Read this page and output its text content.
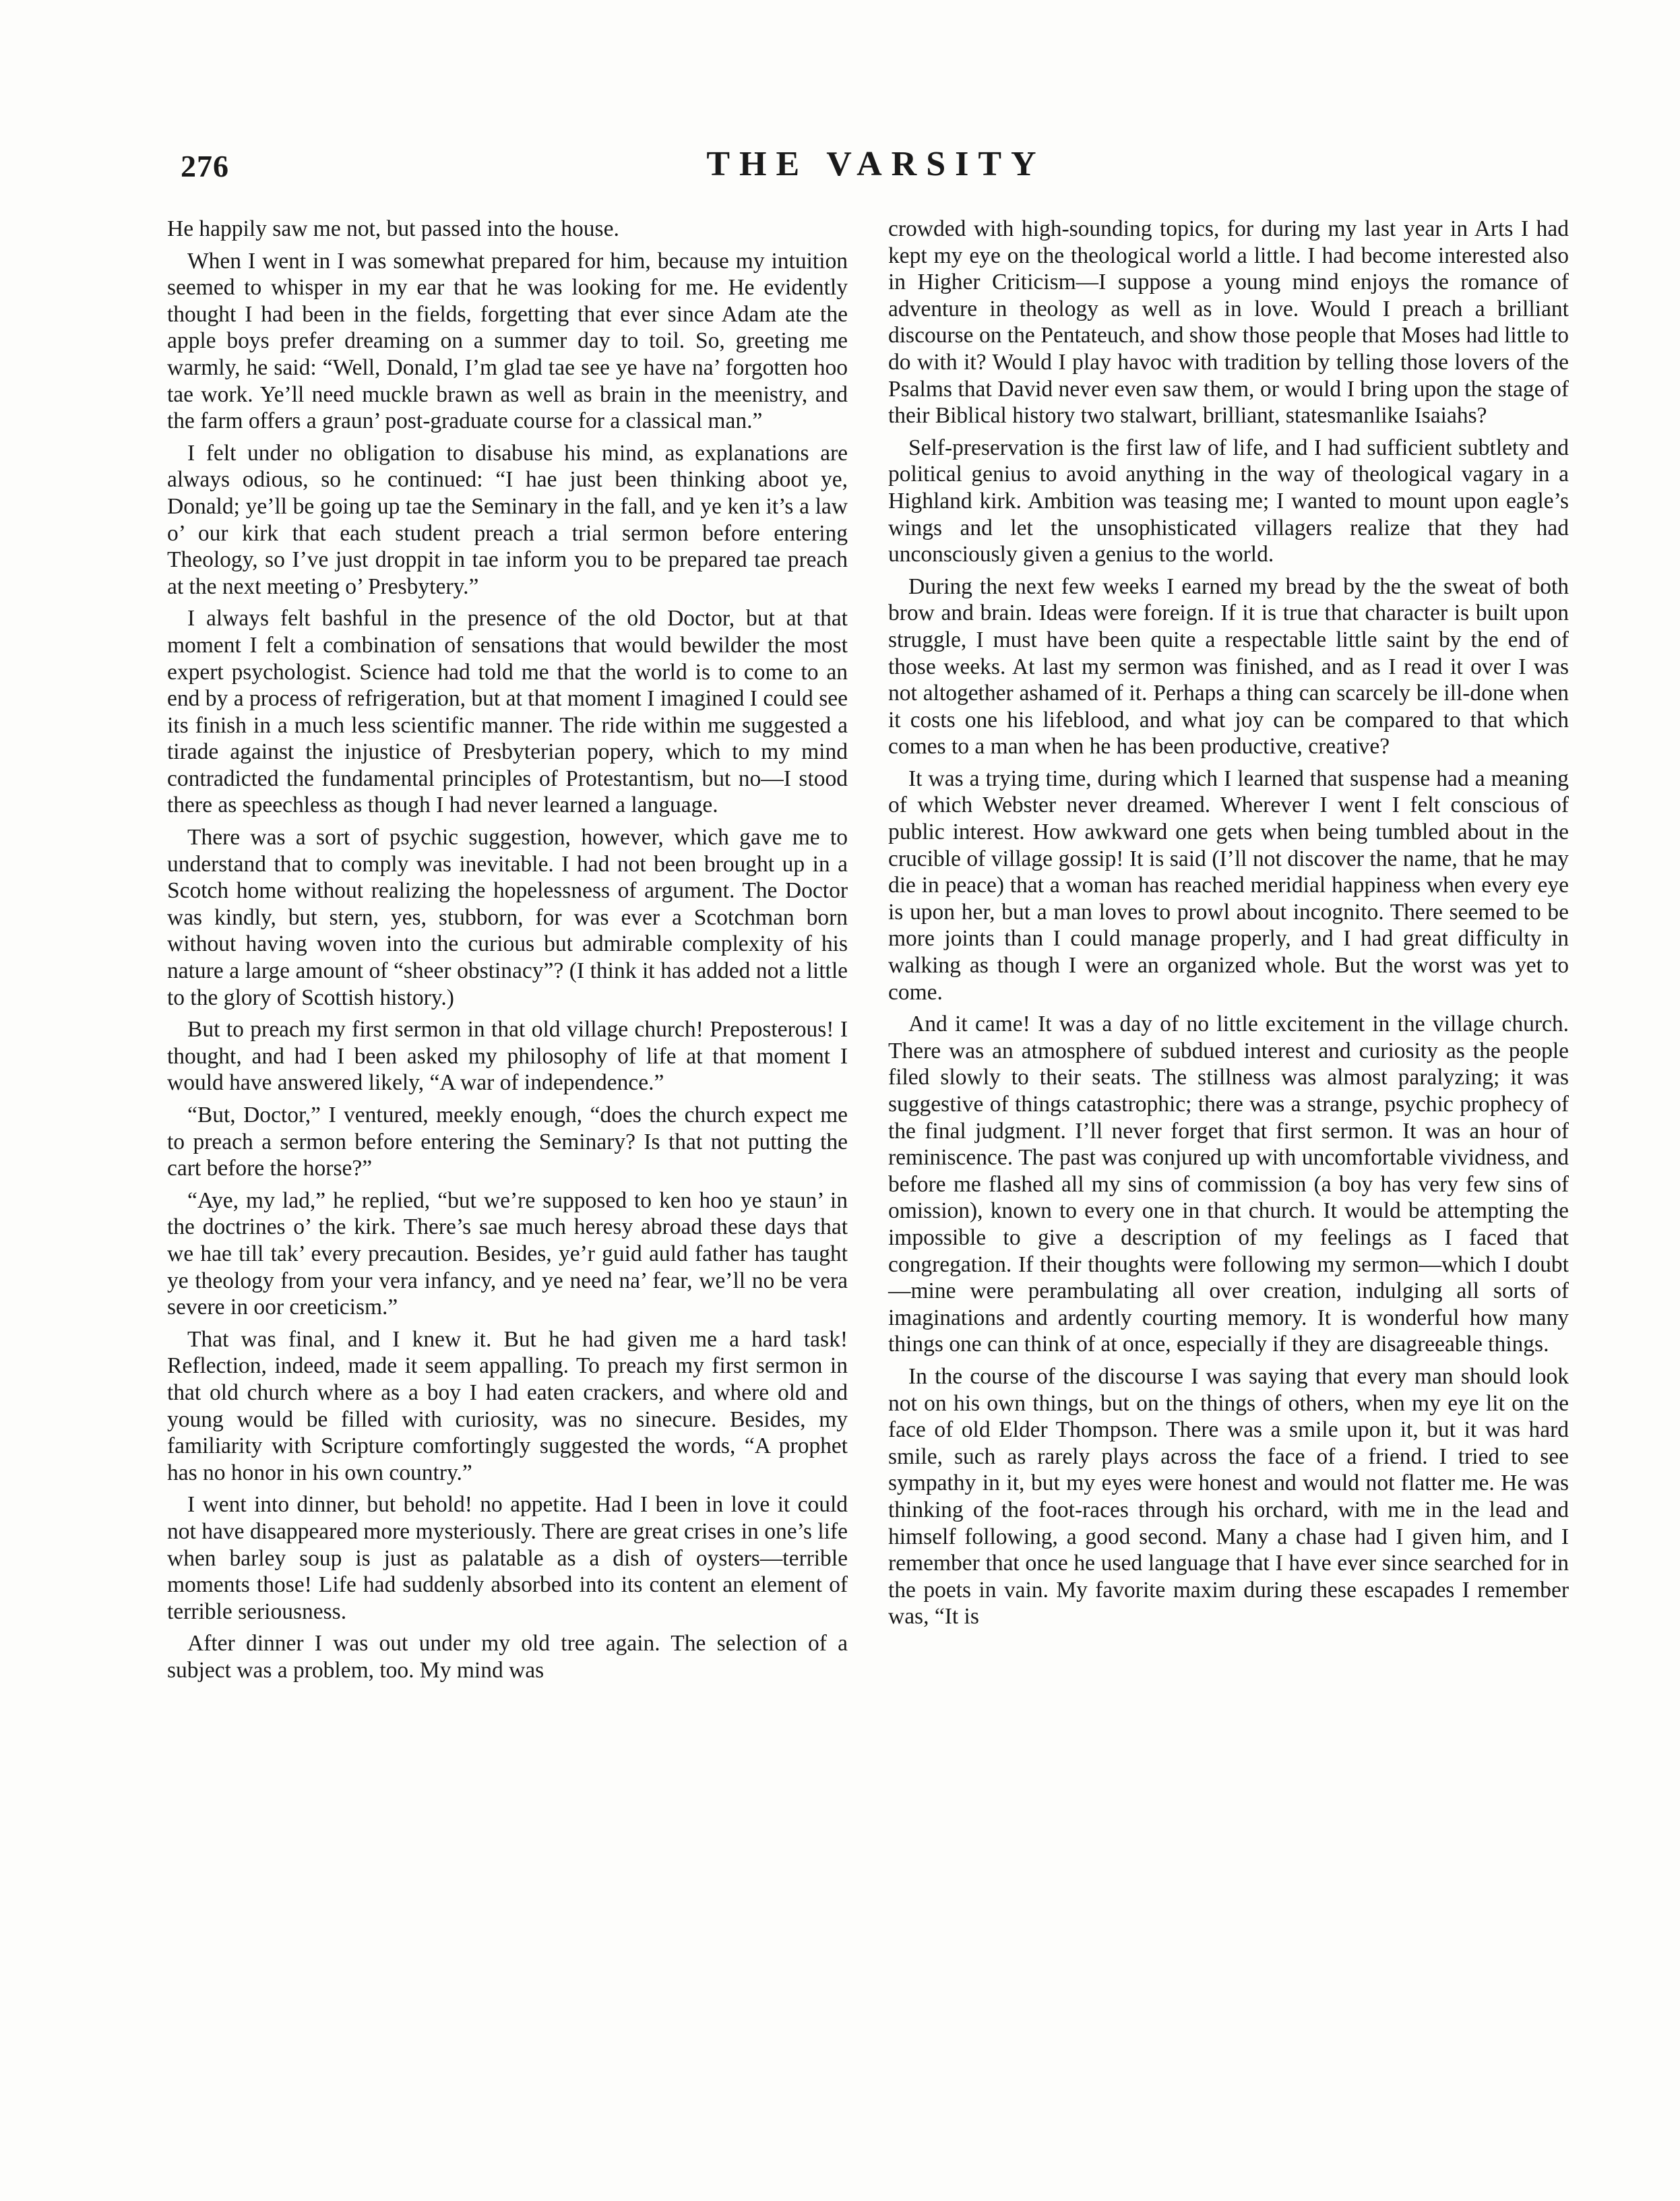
276	THE VARSITY

He happily saw me not, but passed into the house.

When I went in I was somewhat prepared for him, because my intuition seemed to whisper in my ear that he was looking for me. He evidently thought I had been in the fields, forgetting that ever since Adam ate the apple boys prefer dreaming on a summer day to toil. So, greeting me warmly, he said: “Well, Donald, I’m glad tae see ye have na’ forgotten hoo tae work. Ye’ll need muckle brawn as well as brain in the meenistry, and the farm offers a graun’ post-graduate course for a classical man.”

I felt under no obligation to disabuse his mind, as explanations are always odious, so he continued: “I hae just been thinking aboot ye, Donald; ye’ll be going up tae the Seminary in the fall, and ye ken it’s a law o’ our kirk that each student preach a trial sermon before entering Theology, so I’ve just droppit in tae inform you to be prepared tae preach at the next meeting o’ Presbytery.”

I always felt bashful in the presence of the old Doctor, but at that moment I felt a combination of sensations that would bewilder the most expert psychologist. Science had told me that the world is to come to an end by a process of refrigeration, but at that moment I imagined I could see its finish in a much less scientific manner. The ride within me suggested a tirade against the injustice of Presbyterian popery, which to my mind contradicted the fundamental principles of Protestantism, but no—I stood there as speechless as though I had never learned a language.

There was a sort of psychic suggestion, however, which gave me to understand that to comply was inevitable. I had not been brought up in a Scotch home without realizing the hopelessness of argument. The Doctor was kindly, but stern, yes, stubborn, for was ever a Scotchman born without having woven into the curious but admirable complexity of his nature a large amount of “sheer obstinacy”? (I think it has added not a little to the glory of Scottish history.)

But to preach my first sermon in that old village church! Preposterous! I thought, and had I been asked my philosophy of life at that moment I would have answered likely, “A war of independence.”

“But, Doctor,” I ventured, meekly enough, “does the church expect me to preach a sermon before entering the Seminary? Is that not putting the cart before the horse?”

“Aye, my lad,” he replied, “but we’re supposed to ken hoo ye staun’ in the doctrines o’ the kirk. There’s sae much heresy abroad these days that we hae till tak’ every precaution. Besides, ye’r guid auld father has taught ye theology from your vera infancy, and ye need na’ fear, we’ll no be vera severe in oor creeticism.”

That was final, and I knew it. But he had given me a hard task! Reflection, indeed, made it seem appalling. To preach my first sermon in that old church where as a boy I had eaten crackers, and where old and young would be filled with curiosity, was no sinecure. Besides, my familiarity with Scripture comfortingly suggested the words, “A prophet has no honor in his own country.”

I went into dinner, but behold! no appetite. Had I been in love it could not have disappeared more mysteriously. There are great crises in one’s life when barley soup is just as palatable as a dish of oysters—terrible moments those! Life had suddenly absorbed into its content an element of terrible seriousness.

After dinner I was out under my old tree again. The selection of a subject was a problem, too. My mind was

crowded with high-sounding topics, for during my last year in Arts I had kept my eye on the theological world a little. I had become interested also in Higher Criticism—I suppose a young mind enjoys the romance of adventure in theology as well as in love. Would I preach a brilliant discourse on the Pentateuch, and show those people that Moses had little to do with it? Would I play havoc with tradition by telling those lovers of the Psalms that David never even saw them, or would I bring upon the stage of their Biblical history two stalwart, brilliant, statesmanlike Isaiahs?

Self-preservation is the first law of life, and I had sufficient subtlety and political genius to avoid anything in the way of theological vagary in a Highland kirk. Ambition was teasing me; I wanted to mount upon eagle’s wings and let the unsophisticated villagers realize that they had unconsciously given a genius to the world.

During the next few weeks I earned my bread by the the sweat of both brow and brain. Ideas were foreign. If it is true that character is built upon struggle, I must have been quite a respectable little saint by the end of those weeks. At last my sermon was finished, and as I read it over I was not altogether ashamed of it. Perhaps a thing can scarcely be ill-done when it costs one his lifeblood, and what joy can be compared to that which comes to a man when he has been productive, creative?

It was a trying time, during which I learned that suspense had a meaning of which Webster never dreamed. Wherever I went I felt conscious of public interest. How awkward one gets when being tumbled about in the crucible of village gossip! It is said (I’ll not discover the name, that he may die in peace) that a woman has reached meridial happiness when every eye is upon her, but a man loves to prowl about incognito. There seemed to be more joints than I could manage properly, and I had great difficulty in walking as though I were an organized whole. But the worst was yet to come.

And it came! It was a day of no little excitement in the village church. There was an atmosphere of subdued interest and curiosity as the people filed slowly to their seats. The stillness was almost paralyzing; it was suggestive of things catastrophic; there was a strange, psychic prophecy of the final judgment. I’ll never forget that first sermon. It was an hour of reminiscence. The past was conjured up with uncomfortable vividness, and before me flashed all my sins of commission (a boy has very few sins of omission), known to every one in that church. It would be attempting the impossible to give a description of my feelings as I faced that congregation. If their thoughts were following my sermon—which I doubt—mine were perambulating all over creation, indulging all sorts of imaginations and ardently courting memory. It is wonderful how many things one can think of at once, especially if they are disagreeable things.

In the course of the discourse I was saying that every man should look not on his own things, but on the things of others, when my eye lit on the face of old Elder Thompson. There was a smile upon it, but it was hard smile, such as rarely plays across the face of a friend. I tried to see sympathy in it, but my eyes were honest and would not flatter me. He was thinking of the foot-races through his orchard, with me in the lead and himself following, a good second. Many a chase had I given him, and I remember that once he used language that I have ever since searched for in the poets in vain. My favorite maxim during these escapades I remember was, “It is
